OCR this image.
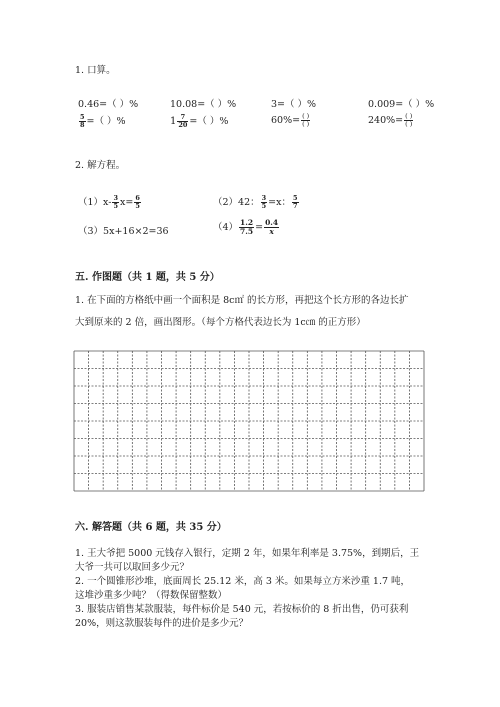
1. 口算。
0.46=（ ）%	10.08=（ ）%	3=（ ）%	0.009=（ ）%
$\frac{5}{8}$ =（ ）%	$1 \frac{7}{20}$ =（ ）%	$60\%= \frac{( )}{( )}$	$240\%= \frac{( )}{( )}$
2. 解方程。
$(1)x- \frac{3}{5} x= \frac{6}{5}$	（2）42： $\frac{3}{5} =x$： $\frac{5}{7}$
（3）5x+16×2=36	$(4) \frac{1.2}{7.5} = \frac{0.4}{x}$
五. 作图题（共 1 题，共 5 分）
1. 在下面的方格纸中画一个面积是 8c㎡ 的长方形，再把这个长方形的各边长扩
大到原来的 2 倍，画出图形。（每个方格代表边长为 1c㎝ 的正方形）
六. 解答题（共 6 题，共 35 分）
1. 王大爷把 5000 元钱存入银行，定期 2 年，如果年利率是 3.75%，到期后，王
大爷一共可以取回多少元？
2. 一个圆锥形沙堆，底面周长 25.12 米，高 3 米。如果每立方米沙重 1.7 吨，
这堆沙重多少吨？（得数保留整数）
3. 服装店销售某款服装，每件标价是 540 元，若按标价的 8 折出售，仍可获利
20%，则这款服装每件的进价是多少元？
